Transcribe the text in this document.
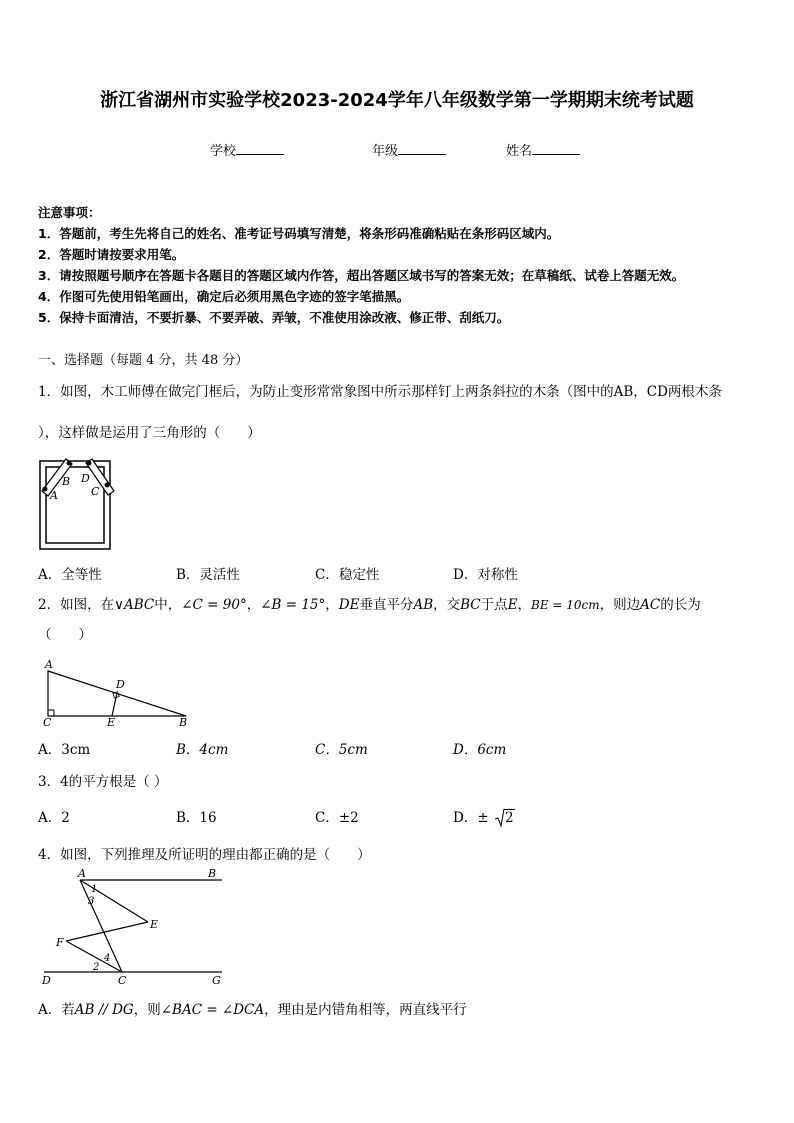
浙江省湖州市实验学校2023-2024学年八年级数学第一学期期末统考试题
学校	年级	姓名
注意事项：
1．答题前，考生先将自己的姓名、准考证号码填写清楚，将条形码准确粘贴在条形码区域内。
2．答题时请按要求用笔。
3．请按照题号顺序在答题卡各题目的答题区域内作答，超出答题区域书写的答案无效；在草稿纸、试卷上答题无效。
4．作图可先使用铅笔画出，确定后必须用黑色字迹的签字笔描黑。
5．保持卡面清洁，不要折暴、不要弄破、弄皱，不准使用涂改液、修正带、刮纸刀。
一、选择题（每题 4 分，共 48 分）
1．如图，木工师傅在做完门框后，为防止变形常常象图中所示那样钉上两条斜拉的木条（图中的AB，CD两根木条
），这样做是运用了三角形的（　　）
B D
A	C
A．全等性	B．灵活性	C．稳定性	D．对称性
2．如图，在∨ABC中，∠C = 90°，∠B = 15°，DE垂直平分AB，交BC于点E，BE = 10cm，则边AC的长为
（　　）
A
D
C	E	B
A．3cm	B．4cm	C．5cm	D．6cm
3．4的平方根是（ ）
A．2	B．16	C．±2	D．± 2
4．如图，下列推理及所证明的理由都正确的是（　　）
A	B
1
3
E
F
4
2
D	C	G
A．若AB // DG，则∠BAC = ∠DCA，理由是内错角相等，两直线平行
